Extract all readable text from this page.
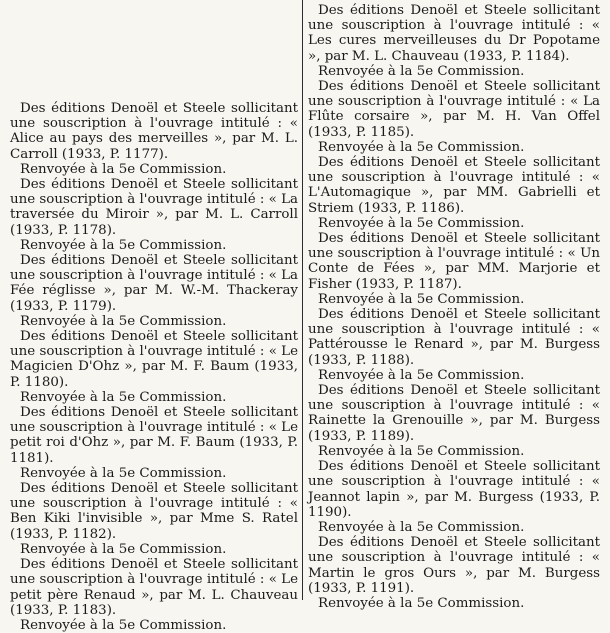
Des éditions Denoël et Steele sollicitant une souscription à l'ouvrage intitulé : « Alice au pays des merveilles », par M. L. Carroll (1933, P. 1177).

Renvoyée à la 5e Commission.

Des éditions Denoël et Steele sollicitant une souscription à l'ouvrage intitulé : « La traversée du Miroir », par M. L. Carroll (1933, P. 1178).

Renvoyée à la 5e Commission.

Des éditions Denoël et Steele sollicitant une souscription à l'ouvrage intitulé : « La Fée réglisse », par M. W.-M. Thackeray (1933, P. 1179).

Renvoyée à la 5e Commission.

Des éditions Denoël et Steele sollicitant une souscription à l'ouvrage intitulé : « Le Magicien D'Ohz », par M. F. Baum (1933, P. 1180).

Renvoyée à la 5e Commission.

Des éditions Denoël et Steele sollicitant une souscription à l'ouvrage intitulé : « Le petit roi d'Ohz », par M. F. Baum (1933, P. 1181).

Renvoyée à la 5e Commission.

Des éditions Denoël et Steele sollicitant une souscription à l'ouvrage intitulé : « Ben Kiki l'invisible », par Mme S. Ratel (1933, P. 1182).

Renvoyée à la 5e Commission.

Des éditions Denoël et Steele sollicitant une souscription à l'ouvrage intitulé : « Le petit père Renaud », par M. L. Chauveau (1933, P. 1183).

Renvoyée à la 5e Commission.

Des éditions Denoël et Steele sollicitant une souscription à l'ouvrage intitulé : « Les cures merveilleuses du Dr Popotame », par M. L. Chauveau (1933, P. 1184).

Renvoyée à la 5e Commission.

Des éditions Denoël et Steele sollicitant une souscription à l'ouvrage intitulé : « La Flûte corsaire », par M. H. Van Offel (1933, P. 1185).

Renvoyée à la 5e Commission.

Des éditions Denoël et Steele sollicitant une souscription à l'ouvrage intitulé : « L'Automagique », par MM. Gabrielli et Striem (1933, P. 1186).

Renvoyée à la 5e Commission.

Des éditions Denoël et Steele sollicitant une souscription à l'ouvrage intitulé : « Un Conte de Fées », par MM. Marjorie et Fisher (1933, P. 1187).

Renvoyée à la 5e Commission.

Des éditions Denoël et Steele sollicitant une souscription à l'ouvrage intitulé : « Pattérousse le Renard », par M. Burgess (1933, P. 1188).

Renvoyée à la 5e Commission.

Des éditions Denoël et Steele sollicitant une souscription à l'ouvrage intitulé : « Rainette la Grenouille », par M. Burgess (1933, P. 1189).

Renvoyée à la 5e Commission.

Des éditions Denoël et Steele sollicitant une souscription à l'ouvrage intitulé : « Jeannot lapin », par M. Burgess (1933, P. 1190).

Renvoyée à la 5e Commission.

Des éditions Denoël et Steele sollicitant une souscription à l'ouvrage intitulé : « Martin le gros Ours », par M. Burgess (1933, P. 1191).

Renvoyée à la 5e Commission.
